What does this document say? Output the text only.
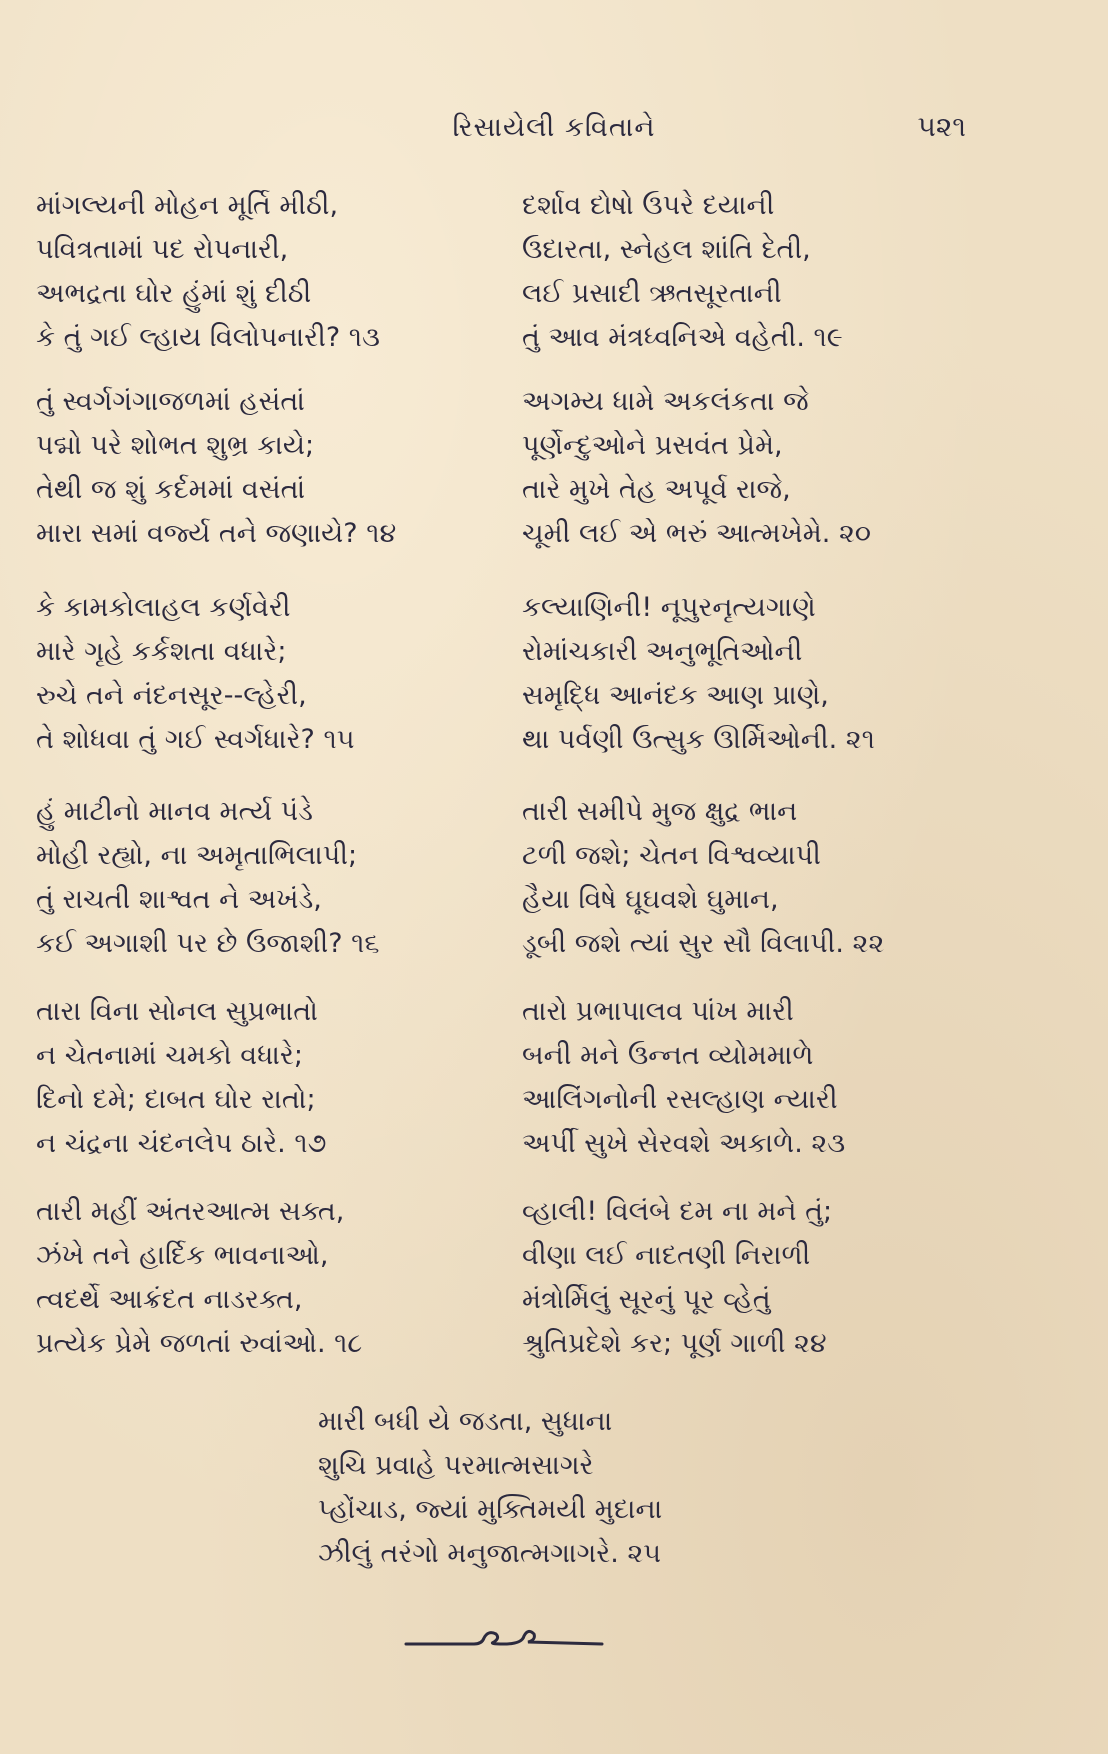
રિસાયેલી કવિતાને	૫૨૧
માંગલ્યની મોહન મૂર્તિ મીઠી,
પવિત્રતામાં પદ રોપનારી,
અભદ્રતા ઘોર હુંમાં શું દીઠી
કે તું ગઈ લ્હાય વિલોપનારી? ૧૩
તું સ્વર્ગગંગાજળમાં હસંતાં
પદ્મો પરે શોભત શુભ્ર કાયે;
તેથી જ શું કર્દમમાં વસંતાં
મારા સમાં વર્જ્ય તને જણાયે? ૧૪
કે કામકોલાહલ કર્ણવેરી
મારે ગૃહે કર્કશતા વધારે;
રુચે તને નંદનસૂર--લ્હેરી,
તે શોધવા તું ગઈ સ્વર્ગધારે? ૧૫
હું માટીનો માનવ મર્ત્ય પંડે
મોહી રહ્યો, ના અમૃતાભિલાપી;
તું રાચતી શાશ્વત ને અખંડે,
કઈ અગાશી પર છે ઉજાશી? ૧૬
તારા વિના સોનલ સુપ્રભાતો
ન ચેતનામાં ચમકો વધારે;
દિનો દમે; દાબત ઘોર રાતો;
ન ચંદ્રના ચંદનલેપ ઠારે. ૧૭
તારી મહીં અંતરઆત્મ સક્ત,
ઝંખે તને હાર્દિક ભાવનાઓ,
ત્વદર્થે આક્રંદત નાડરક્ત,
પ્રત્યેક પ્રેમે જળતાં રુવાંઓ. ૧૮
દર્શાવ દોષો ઉપરે દયાની
ઉદારતા, સ્નેહલ શાંતિ દેતી,
લઈ પ્રસાદી ઋતસૂરતાની
તું આવ મંત્રધ્વનિએ વહેતી. ૧૯
અગમ્ય ધામે અકલંકતા જે
પૂર્ણેન્દુઓને પ્રસવંત પ્રેમે,
તારે મુખે તેહ અપૂર્વ રાજે,
ચૂમી લઈ એ ભરું આત્મખેમે. ૨૦
કલ્યાણિની! નૂપુરનૃત્યગાણે
રોમાંચકારી અનુભૂતિઓની
સમૃદ્ધિ આનંદક આણ પ્રાણે,
થા પર્વણી ઉત્સુક ઊર્મિઓની. ૨૧
તારી સમીપે મુજ ક્ષુદ્ર ભાન
ટળી જશે; ચેતન વિશ્વવ્યાપી
હૈયા વિષે ઘૂઘવશે ઘુમાન,
ડૂબી જશે ત્યાં સુર સૌ વિલાપી. ૨૨
તારો પ્રભાપાલવ પાંખ મારી
બની મને ઉન્નત વ્યોમમાળે
આલિંગનોની રસલ્હાણ ન્યારી
અર્પી સુખે સેરવશે અકાળે. ૨૩
વ્હાલી! વિલંબે દમ ના મને તું;
વીણા લઈ નાદતણી નિરાળી
મંત્રોર્મિલું સૂરનું પૂર વ્હેતું
શ્રુતિપ્રદેશે કર; પૂર્ણ ગાળી ૨૪
મારી બધી યે જડતા, સુધાના
શુચિ પ્રવાહે પરમાત્મસાગરે
પ્હોંચાડ, જ્યાં મુક્તિમયી મુદાના
ઝીલું તરંગો મનુજાત્મગાગરે. ૨૫
